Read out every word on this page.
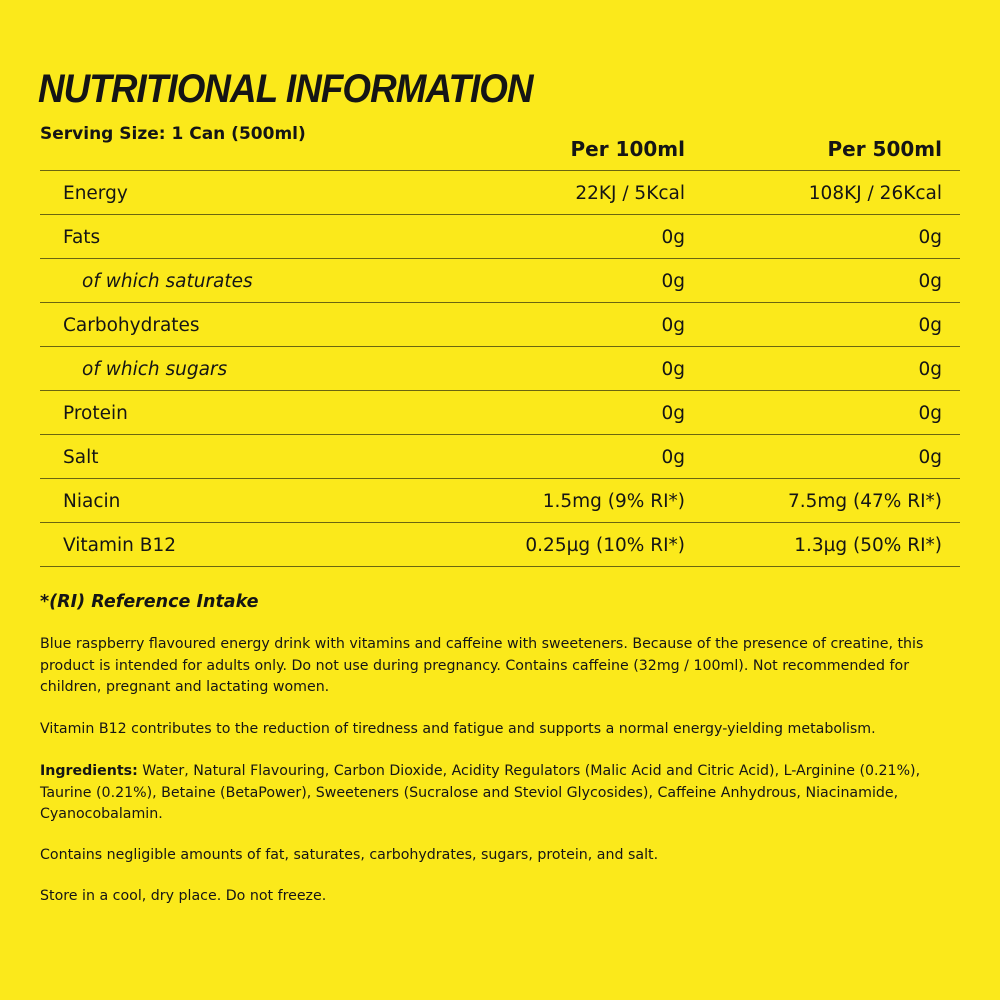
NUTRITIONAL INFORMATION
Serving Size: 1 Can (500ml)
Per 100ml	Per 500ml
Energy	22KJ / 5Kcal	108KJ / 26Kcal
Fats	0g	0g
of which saturates	0g	0g
Carbohydrates	0g	0g
of which sugars	0g	0g
Protein	0g	0g
Salt	0g	0g
Niacin	1.5mg (9% RI*)	7.5mg (47% RI*)
Vitamin B12	0.25µg (10% RI*)	1.3µg (50% RI*)
*(RI) Reference Intake

Blue raspberry flavoured energy drink with vitamins and caffeine with sweeteners. Because of the presence of creatine, this product is intended for adults only. Do not use during pregnancy. Contains caffeine (32mg / 100ml). Not recommended for children, pregnant and lactating women.

Vitamin B12 contributes to the reduction of tiredness and fatigue and supports a normal energy-yielding metabolism.

Ingredients: Water, Natural Flavouring, Carbon Dioxide, Acidity Regulators (Malic Acid and Citric Acid), L-Arginine (0.21%), Taurine (0.21%), Betaine (BetaPower), Sweeteners (Sucralose and Steviol Glycosides), Caffeine Anhydrous, Niacinamide, Cyanocobalamin.

Contains negligible amounts of fat, saturates, carbohydrates, sugars, protein, and salt.

Store in a cool, dry place. Do not freeze.
